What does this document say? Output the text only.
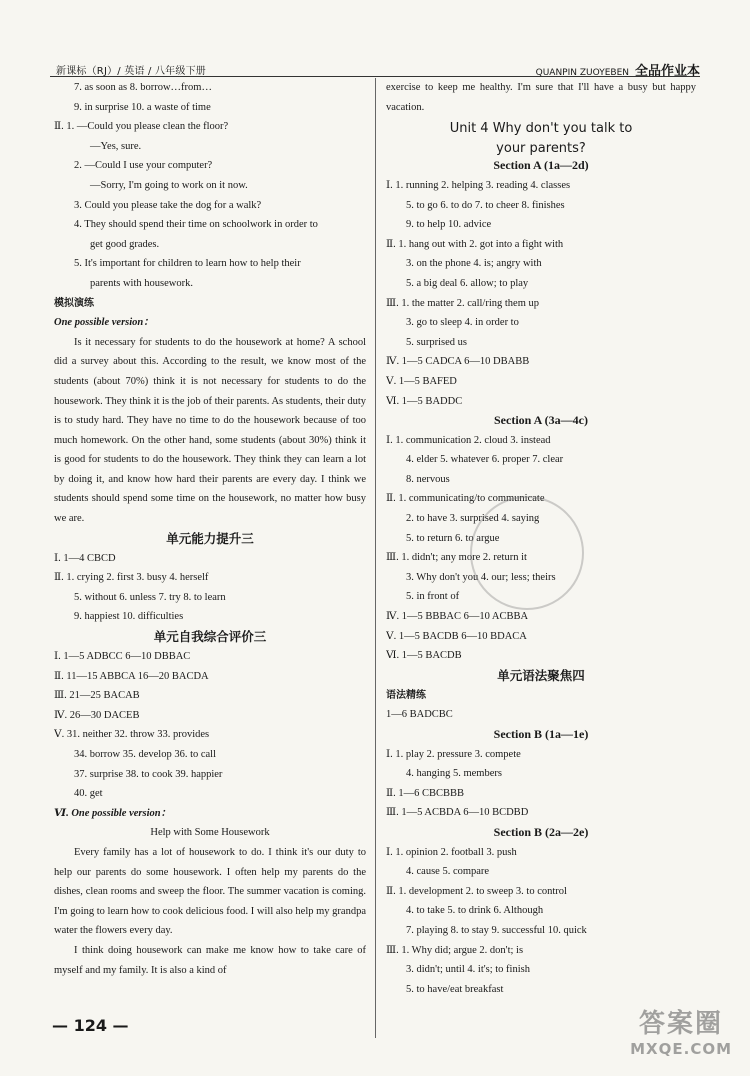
新课标（RJ）/ 英语 / 八年级下册	QUANPIN ZUOYEBEN 全品作业本
7. as soon as 8. borrow…from…
9. in surprise 10. a waste of time
Ⅱ. 1. —Could you please clean the floor?
—Yes, sure.
2. —Could I use your computer?
—Sorry, I'm going to work on it now.
3. Could you please take the dog for a walk?
4. They should spend their time on schoolwork in order to
get good grades.
5. It's important for children to learn how to help their
parents with housework.
模拟演练
One possible version：
Is it necessary for students to do the housework at home? A school did a survey about this. According to the result, we know most of the students (about 70%) think it is not necessary for students to do the housework. They think it is the job of their parents. As students, their duty is to study hard. They have no time to do the housework because of too much homework. On the other hand, some students (about 30%) think it is good for students to do the housework. They think they can learn a lot by doing it, and know how hard their parents are every day. I think we students should spend some time on the housework, no matter how busy we are.
单元能力提升三
Ⅰ. 1—4 CBCD
Ⅱ. 1. crying 2. first 3. busy 4. herself
5. without 6. unless 7. try 8. to learn
9. happiest 10. difficulties
单元自我综合评价三
Ⅰ. 1—5 ADBCC 6—10 DBBAC
Ⅱ. 11—15 ABBCA 16—20 BACDA
Ⅲ. 21—25 BACAB
Ⅳ. 26—30 DACEB
Ⅴ. 31. neither 32. throw 33. provides
34. borrow 35. develop 36. to call
37. surprise 38. to cook 39. happier
40. get
Ⅵ. One possible version：
Help with Some Housework
Every family has a lot of housework to do. I think it's our duty to help our parents do some housework. I often help my parents do the dishes, clean rooms and sweep the floor. The summer vacation is coming. I'm going to learn how to cook delicious food. I will also help my grandpa water the flowers every day.
I think doing housework can make me know how to take care of myself and my family. It is also a kind of
exercise to keep me healthy. I'm sure that I'll have a busy but happy vacation.
Unit 4 Why don't you talk to
your parents?
Section A (1a—2d)
Ⅰ. 1. running 2. helping 3. reading 4. classes
5. to go 6. to do 7. to cheer 8. finishes
9. to help 10. advice
Ⅱ. 1. hang out with 2. got into a fight with
3. on the phone 4. is; angry with
5. a big deal 6. allow; to play
Ⅲ. 1. the matter 2. call/ring them up
3. go to sleep 4. in order to
5. surprised us
Ⅳ. 1—5 CADCA 6—10 DBABB
Ⅴ. 1—5 BAFED
Ⅵ. 1—5 BADDC
Section A (3a—4c)
Ⅰ. 1. communication 2. cloud 3. instead
4. elder 5. whatever 6. proper 7. clear
8. nervous
Ⅱ. 1. communicating/to communicate
2. to have 3. surprised 4. saying
5. to return 6. to argue
Ⅲ. 1. didn't; any more 2. return it
3. Why don't you 4. our; less; theirs
5. in front of
Ⅳ. 1—5 BBBAC 6—10 ACBBA
Ⅴ. 1—5 BACDB 6—10 BDACA
Ⅵ. 1—5 BACDB
单元语法聚焦四
语法精练
1—6 BADCBC
Section B (1a—1e)
Ⅰ. 1. play 2. pressure 3. compete
4. hanging 5. members
Ⅱ. 1—6 CBCBBB
Ⅲ. 1—5 ACBDA 6—10 BCDBD
Section B (2a—2e)
Ⅰ. 1. opinion 2. football 3. push
4. cause 5. compare
Ⅱ. 1. development 2. to sweep 3. to control
4. to take 5. to drink 6. Although
7. playing 8. to stay 9. successful 10. quick
Ⅲ. 1. Why did; argue 2. don't; is
3. didn't; until 4. it's; to finish
5. to have/eat breakfast
— 124 —	答案圈
MXQE.COM
